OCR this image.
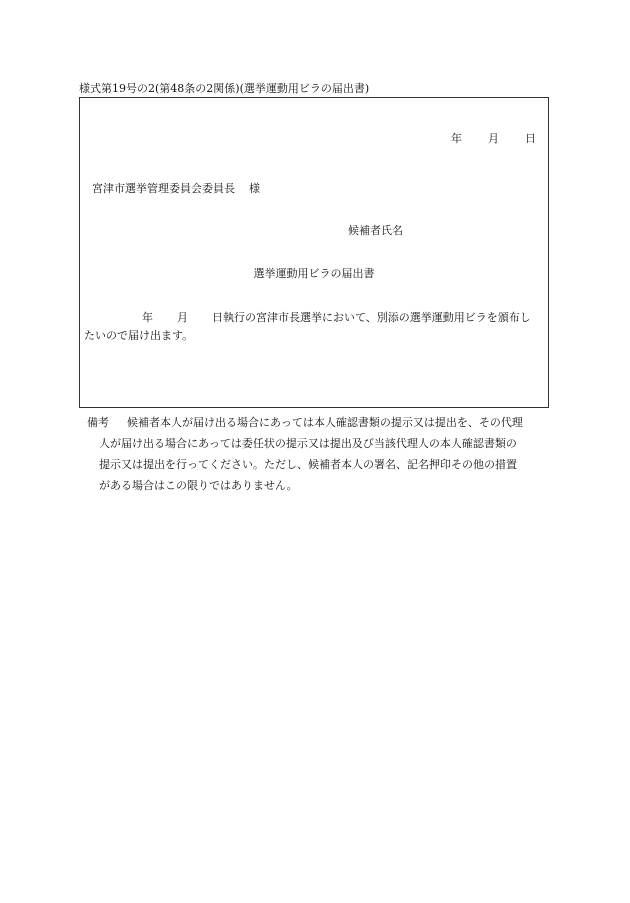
様式第19号の2(第48条の2関係)(選挙運動用ビラの届出書)
年 月 日
宮津市選挙管理委員会委員長 様
候補者氏名
選挙運動用ビラの届出書
年 月 日執行の宮津市長選挙において、別添の選挙運動用ビラを頒布し
たいので届け出ます。
備考 候補者本人が届け出る場合にあっては本人確認書類の提示又は提出を、その代理
人が届け出る場合にあっては委任状の提示又は提出及び当該代理人の本人確認書類の
提示又は提出を行ってください。ただし、候補者本人の署名、記名押印その他の措置
がある場合はこの限りではありません。
